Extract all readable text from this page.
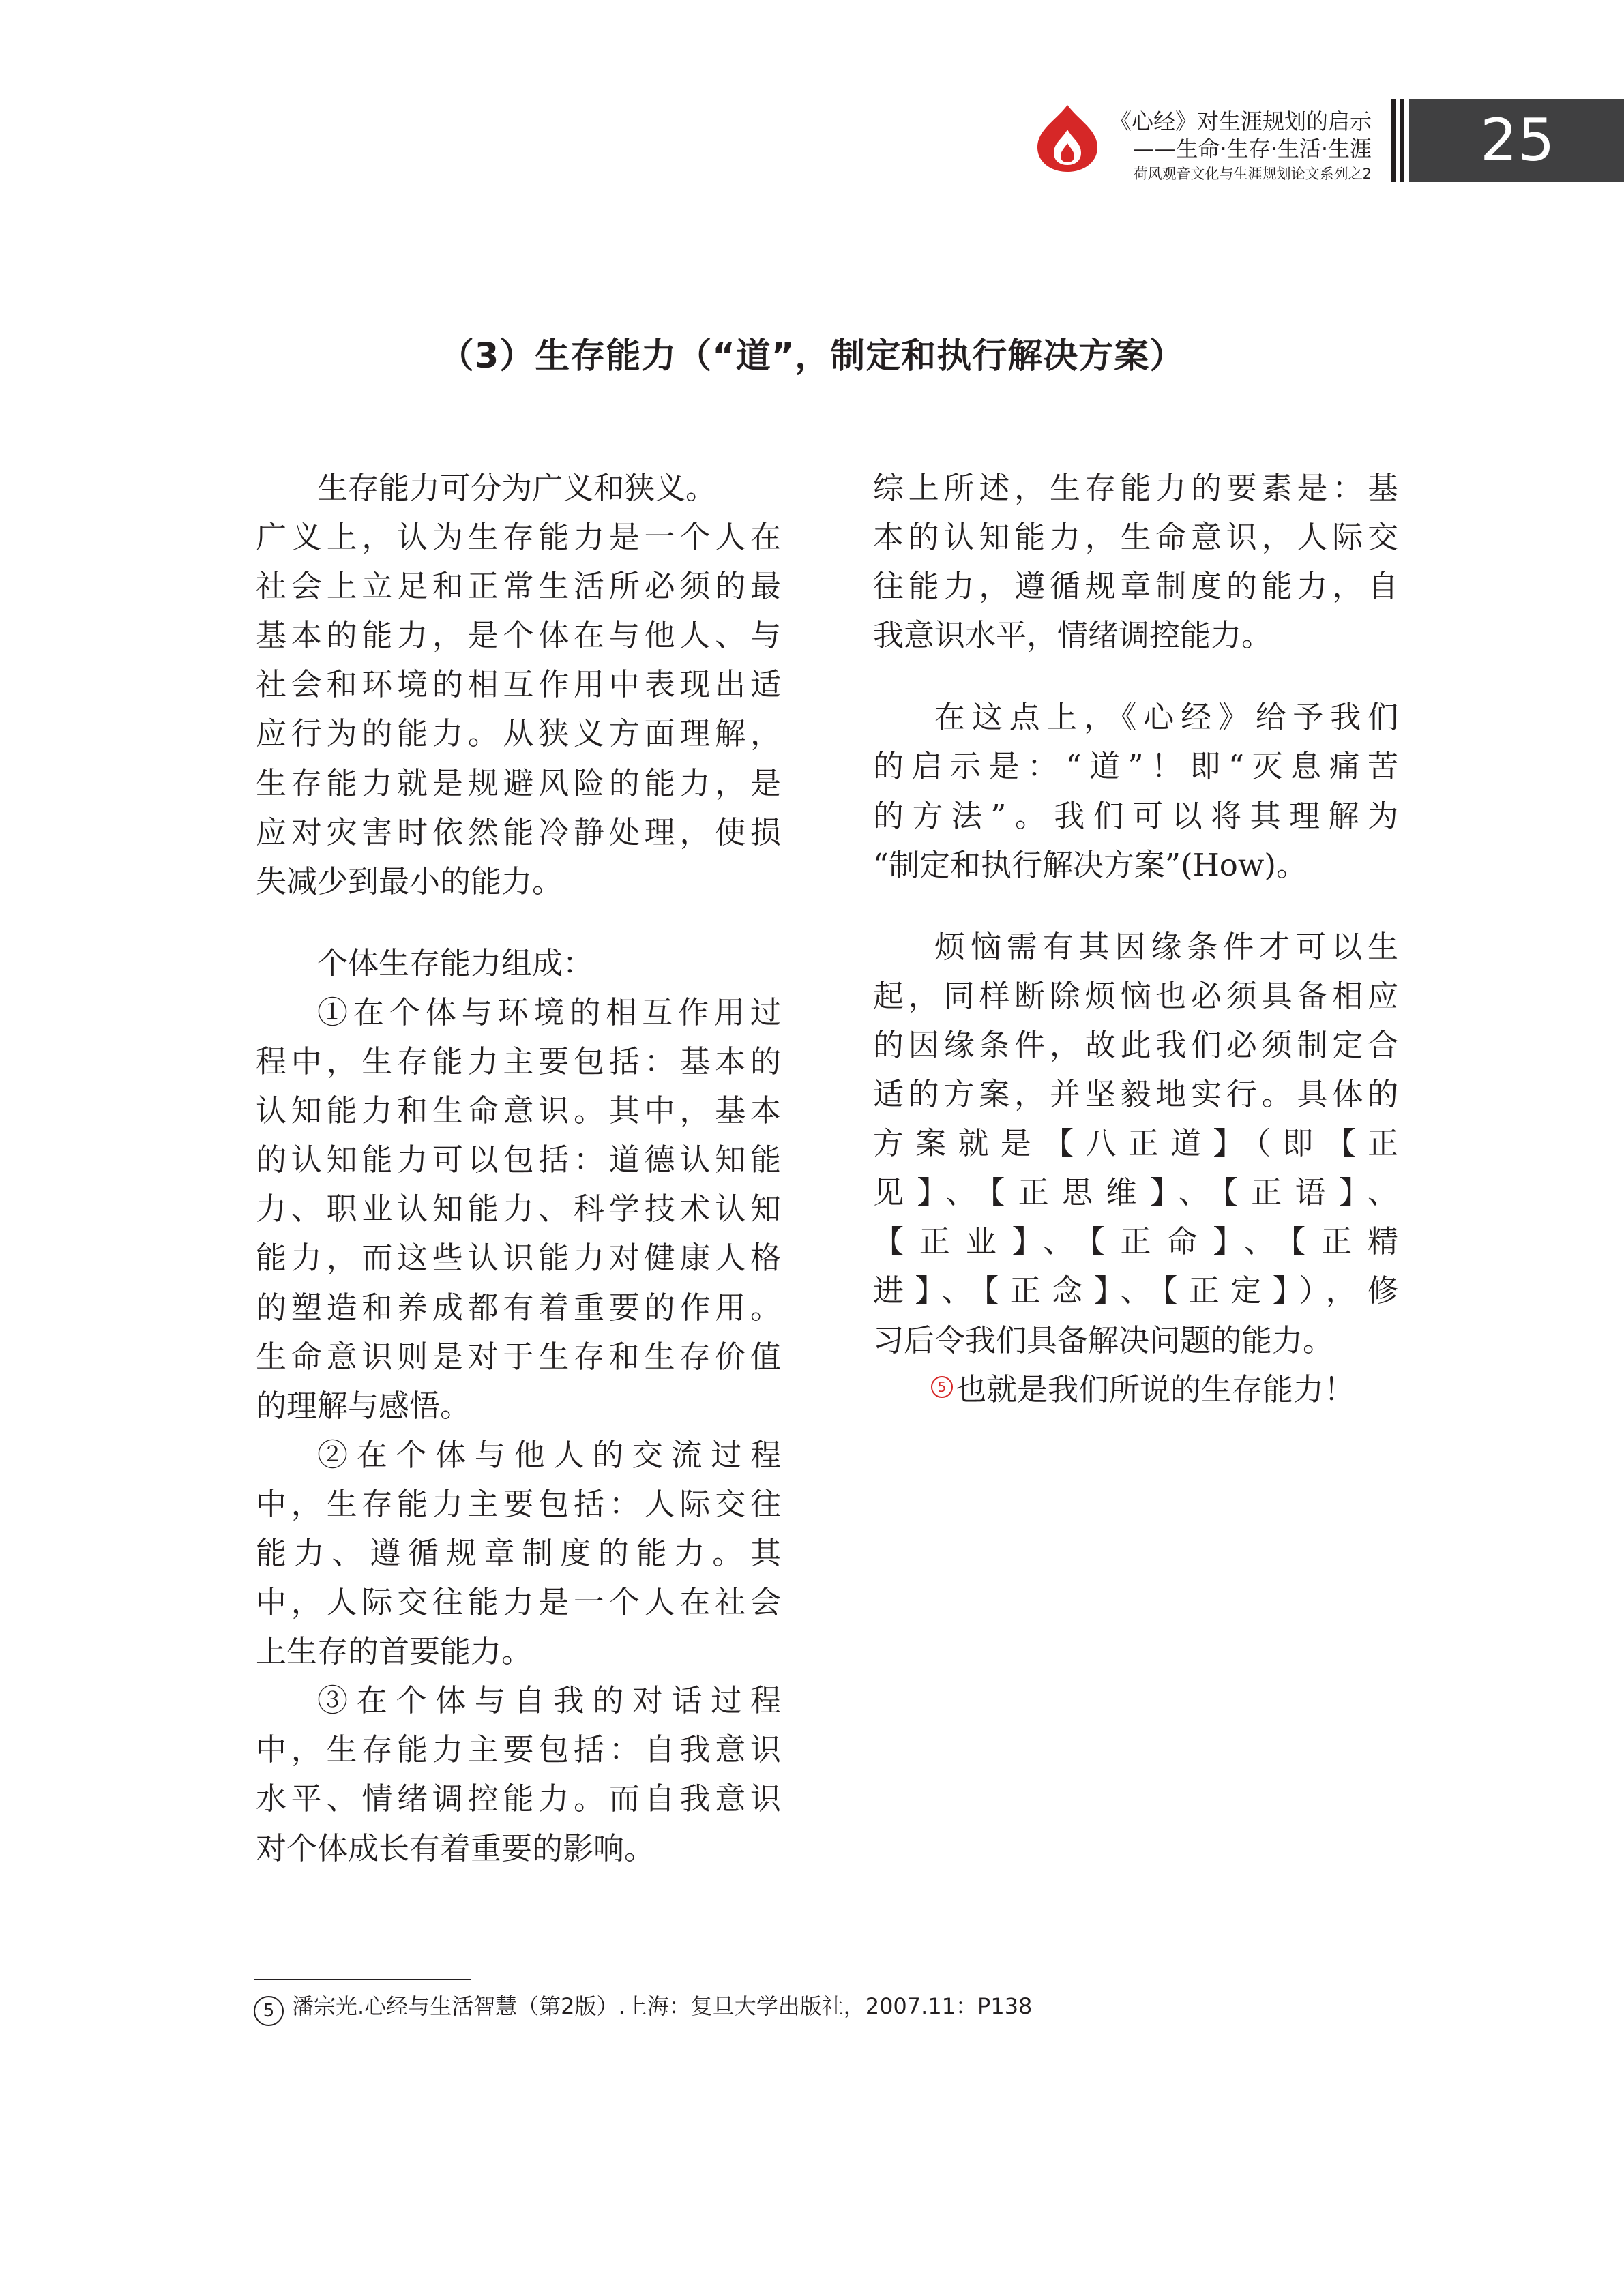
《心经》对生涯规划的启示
——生命·生存·生活·生涯
荷风观音文化与生涯规划论文系列之2	25
（3）生存能力（“道”，制定和执行解决方案）
生存能力可分为广义和狭义。
广义上，认为生存能力是一个人在
社会上立足和正常生活所必须的最
基本的能力，是个体在与他人、与
社会和环境的相互作用中表现出适
应行为的能力。从狭义方面理解，
生存能力就是规避风险的能力，是
应对灾害时依然能冷静处理，使损
失减少到最小的能力。
个体生存能力组成：
①在个体与环境的相互作用过
程中，生存能力主要包括：基本的
认知能力和生命意识。其中，基本
的认知能力可以包括：道德认知能
力、职业认知能力、科学技术认知
能力，而这些认识能力对健康人格
的塑造和养成都有着重要的作用。
生命意识则是对于生存和生存价值
的理解与感悟。
②在个体与他人的交流过程
中，生存能力主要包括：人际交往
能力、遵循规章制度的能力。其
中，人际交往能力是一个人在社会
上生存的首要能力。
③在个体与自我的对话过程
中，生存能力主要包括：自我意识
水平、情绪调控能力。而自我意识
对个体成长有着重要的影响。
综上所述，生存能力的要素是：基
本的认知能力，生命意识，人际交
往能力，遵循规章制度的能力，自
我意识水平，情绪调控能力。
在这点上，《心经》给予我们
的启示是：“道”！即“灭息痛苦
的方法”。我们可以将其理解为
“制定和执行解决方案”(How)。
烦恼需有其因缘条件才可以生
起，同样断除烦恼也必须具备相应
的因缘条件，故此我们必须制定合
适的方案，并坚毅地实行。具体的
方案就是【八正道】（即【正
见】、【正思维】、【正语】、
【正业】、【正命】、【正精
进】、【正念】、【正定】），修
习后令我们具备解决问题的能力。
5 也就是我们所说的生存能力！
5 潘宗光.心经与生活智慧（第2版）.上海：复旦大学出版社，2007.11：P138
